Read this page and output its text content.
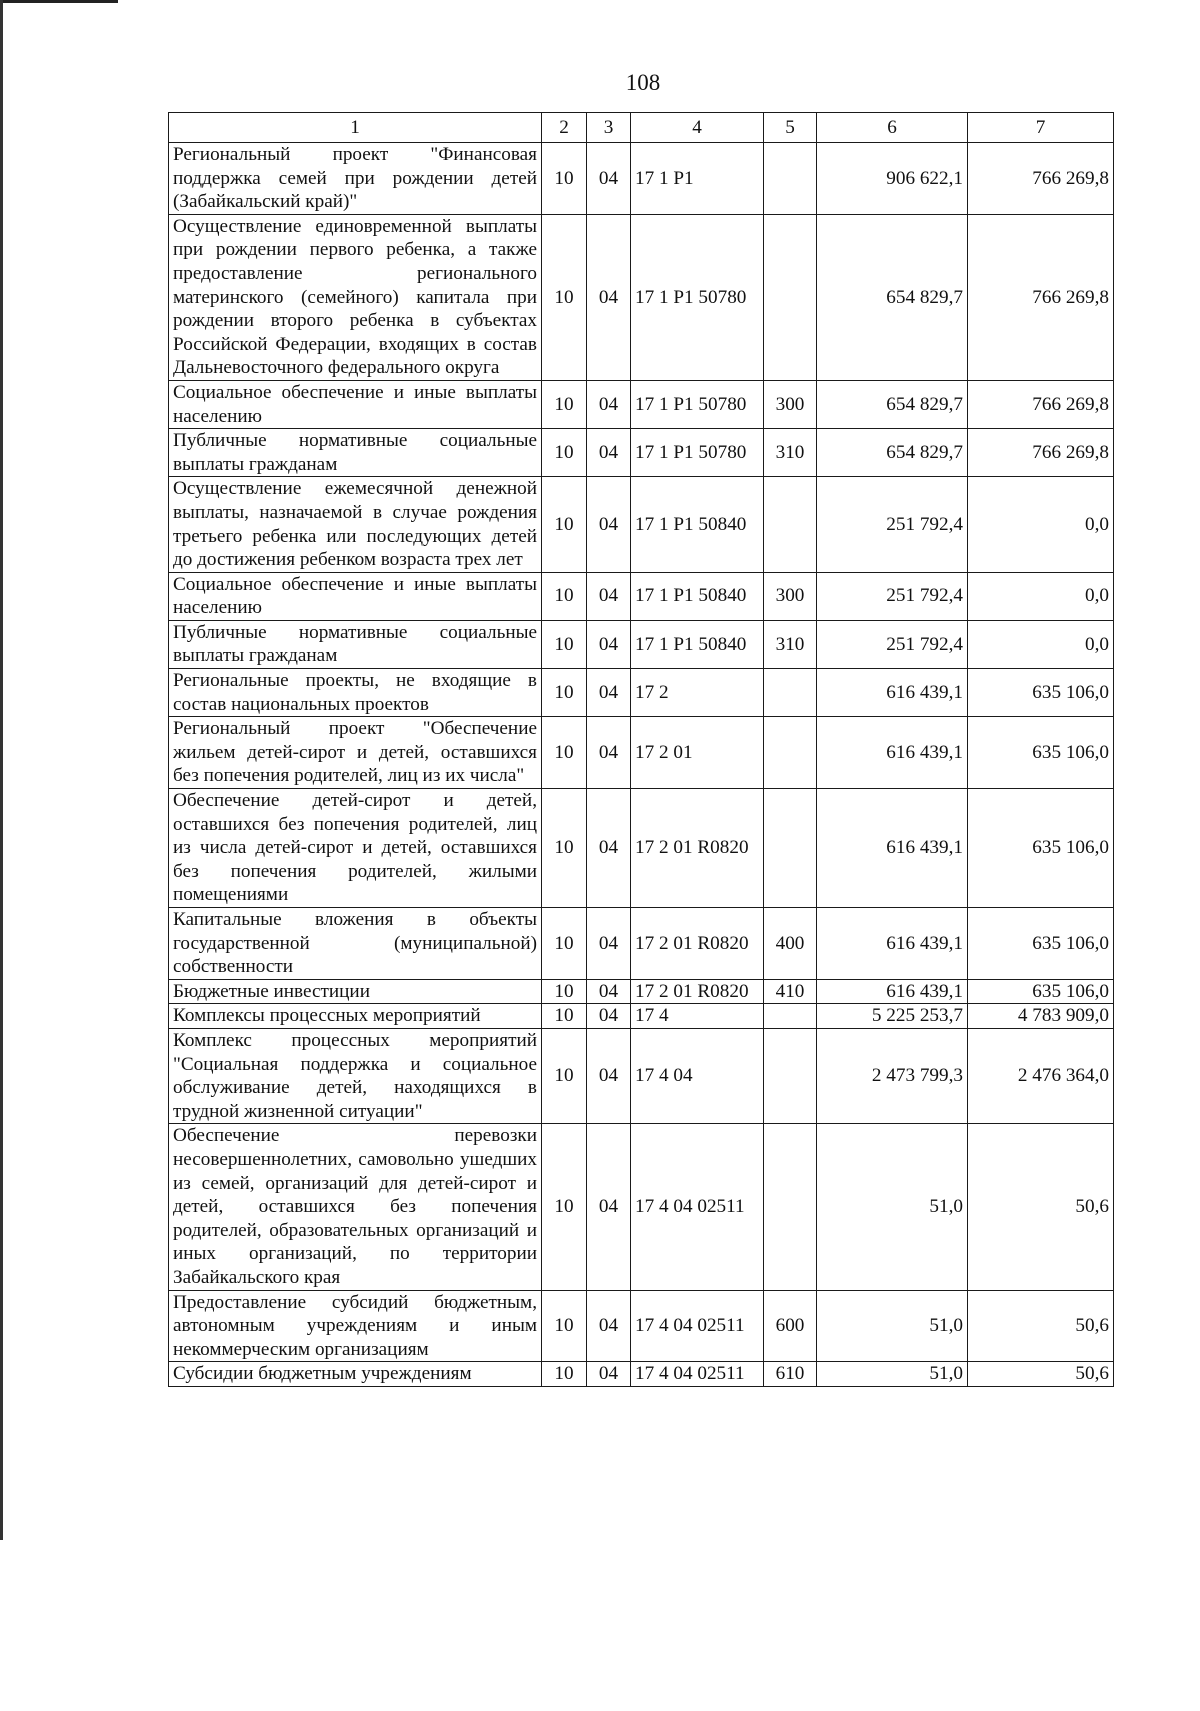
108
1	2	3	4	5	6	7
Региональный проект "Финансовая поддержка семей при рождении детей (Забайкальский край)"	10	04	17 1 P1		906 622,1	766 269,8
Осуществление единовременной выплаты при рождении первого ребенка, а также предоставление регионального материнского (семейного) капитала при рождении второго ребенка в субъектах Российской Федерации, входящих в состав Дальневосточного федерального округа	10	04	17 1 P1 50780		654 829,7	766 269,8
Социальное обеспечение и иные выплаты населению	10	04	17 1 P1 50780	300	654 829,7	766 269,8
Публичные нормативные социальные выплаты гражданам	10	04	17 1 P1 50780	310	654 829,7	766 269,8
Осуществление ежемесячной денежной выплаты, назначаемой в случае рождения третьего ребенка или последующих детей до достижения ребенком возраста трех лет	10	04	17 1 P1 50840		251 792,4	0,0
Социальное обеспечение и иные выплаты населению	10	04	17 1 P1 50840	300	251 792,4	0,0
Публичные нормативные социальные выплаты гражданам	10	04	17 1 P1 50840	310	251 792,4	0,0
Региональные проекты, не входящие в состав национальных проектов	10	04	17 2		616 439,1	635 106,0
Региональный проект "Обеспечение жильем детей-сирот и детей, оставшихся без попечения родителей, лиц из их числа"	10	04	17 2 01		616 439,1	635 106,0
Обеспечение детей-сирот и детей, оставшихся без попечения родителей, лиц из числа детей-сирот и детей, оставшихся без попечения родителей, жилыми помещениями	10	04	17 2 01 R0820		616 439,1	635 106,0
Капитальные вложения в объекты государственной (муниципальной) собственности	10	04	17 2 01 R0820	400	616 439,1	635 106,0
Бюджетные инвестиции	10	04	17 2 01 R0820	410	616 439,1	635 106,0
Комплексы процессных мероприятий	10	04	17 4		5 225 253,7	4 783 909,0
Комплекс процессных мероприятий "Социальная поддержка и социальное обслуживание детей, находящихся в трудной жизненной ситуации"	10	04	17 4 04		2 473 799,3	2 476 364,0
Обеспечение перевозки несовершеннолетних, самовольно ушедших из семей, организаций для детей-сирот и детей, оставшихся без попечения родителей, образовательных организаций и иных организаций, по территории Забайкальского края	10	04	17 4 04 02511		51,0	50,6
Предоставление субсидий бюджетным, автономным учреждениям и иным некоммерческим организациям	10	04	17 4 04 02511	600	51,0	50,6
Субсидии бюджетным учреждениям	10	04	17 4 04 02511	610	51,0	50,6
